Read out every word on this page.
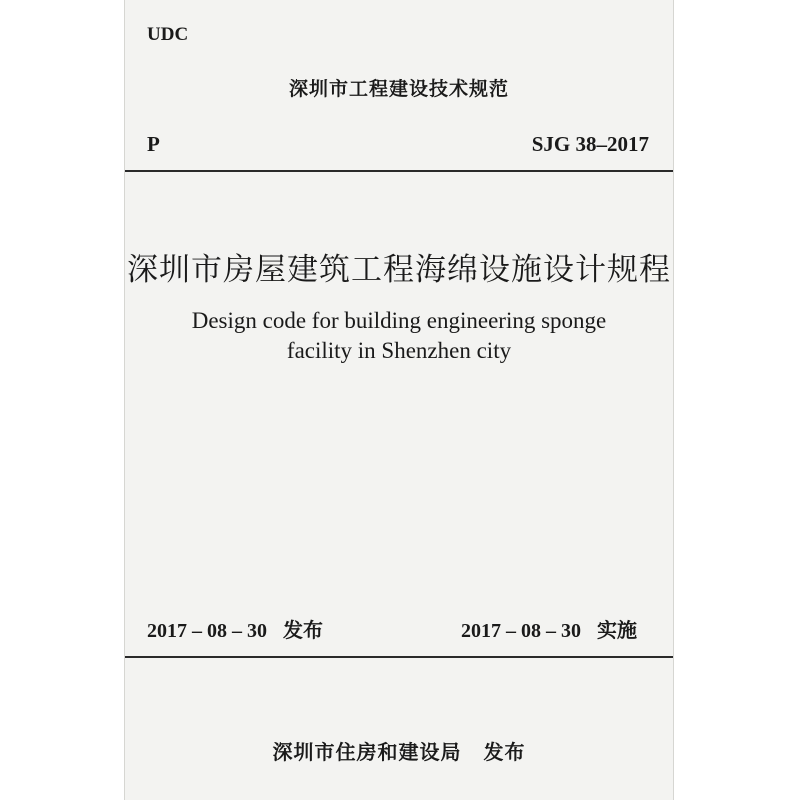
UDC

深圳市工程建设技术规范

P	SJG 38–2017

深圳市房屋建筑工程海绵设施设计规程

Design code for building engineering sponge
facility in Shenzhen city

2017 – 08 – 30 发布	2017 – 08 – 30 实施

深圳市住房和建设局 发布
